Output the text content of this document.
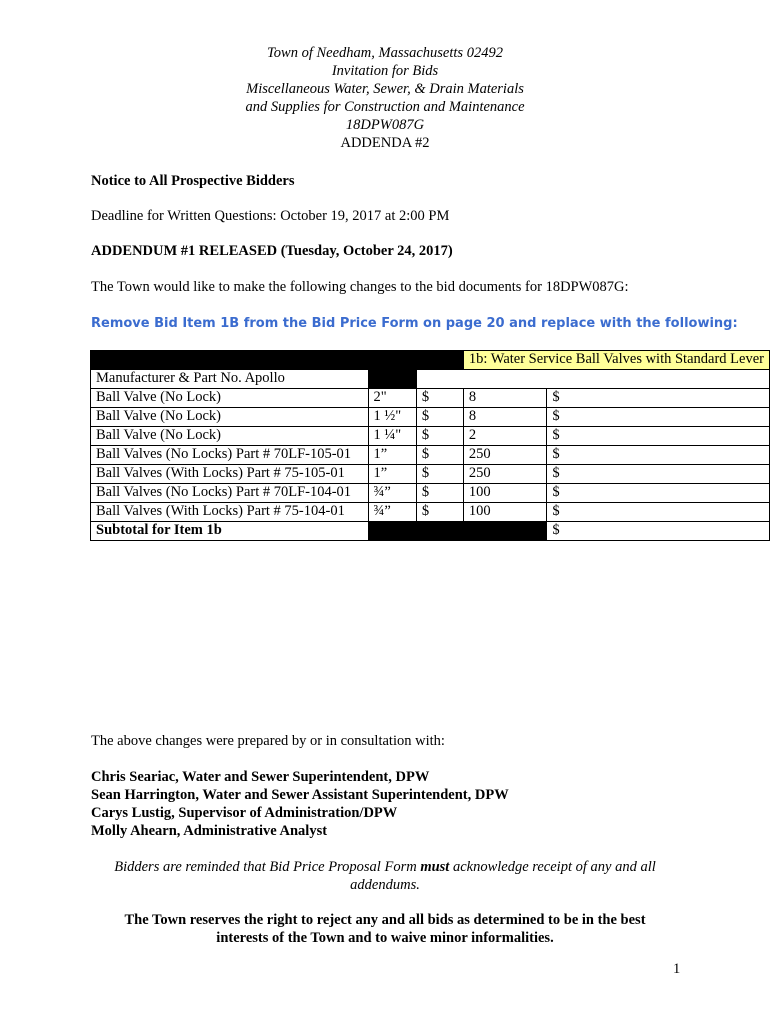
Town of Needham, Massachusetts 02492
Invitation for Bids
Miscellaneous Water, Sewer, & Drain Materials
and Supplies for Construction and Maintenance
18DPW087G
ADDENDA #2
Notice to All Prospective Bidders
Deadline for Written Questions: October 19, 2017 at 2:00 PM
ADDENDUM #1 RELEASED (Tuesday, October 24, 2017)
The Town would like to make the following changes to the bid documents for 18DPW087G:
Remove Bid Item 1B from the Bid Price Form on page 20 and replace with the following:
			1b: Water Service Ball Valves with Standard Lever	
Manufacturer & Part No. Apollo				
Ball Valve (No Lock)	2"	$	8	$
Ball Valve (No Lock)	1 ½"	$	8	$
Ball Valve (No Lock)	1 ¼"	$	2	$
Ball Valves (No Locks) Part # 70LF-105-01	1”	$	250	$
Ball Valves (With Locks) Part # 75-105-01	1”	$	250	$
Ball Valves (No Locks) Part # 70LF-104-01	¾”	$	100	$
Ball Valves (With Locks) Part # 75-104-01	¾”	$	100	$
Subtotal for Item 1b				$
The above changes were prepared by or in consultation with:
Chris Seariac, Water and Sewer Superintendent, DPW
Sean Harrington, Water and Sewer Assistant Superintendent, DPW
Carys Lustig, Supervisor of Administration/DPW
Molly Ahearn, Administrative Analyst
Bidders are reminded that Bid Price Proposal Form must acknowledge receipt of any and all
addendums.
The Town reserves the right to reject any and all bids as determined to be in the best
interests of the Town and to waive minor informalities.
1
